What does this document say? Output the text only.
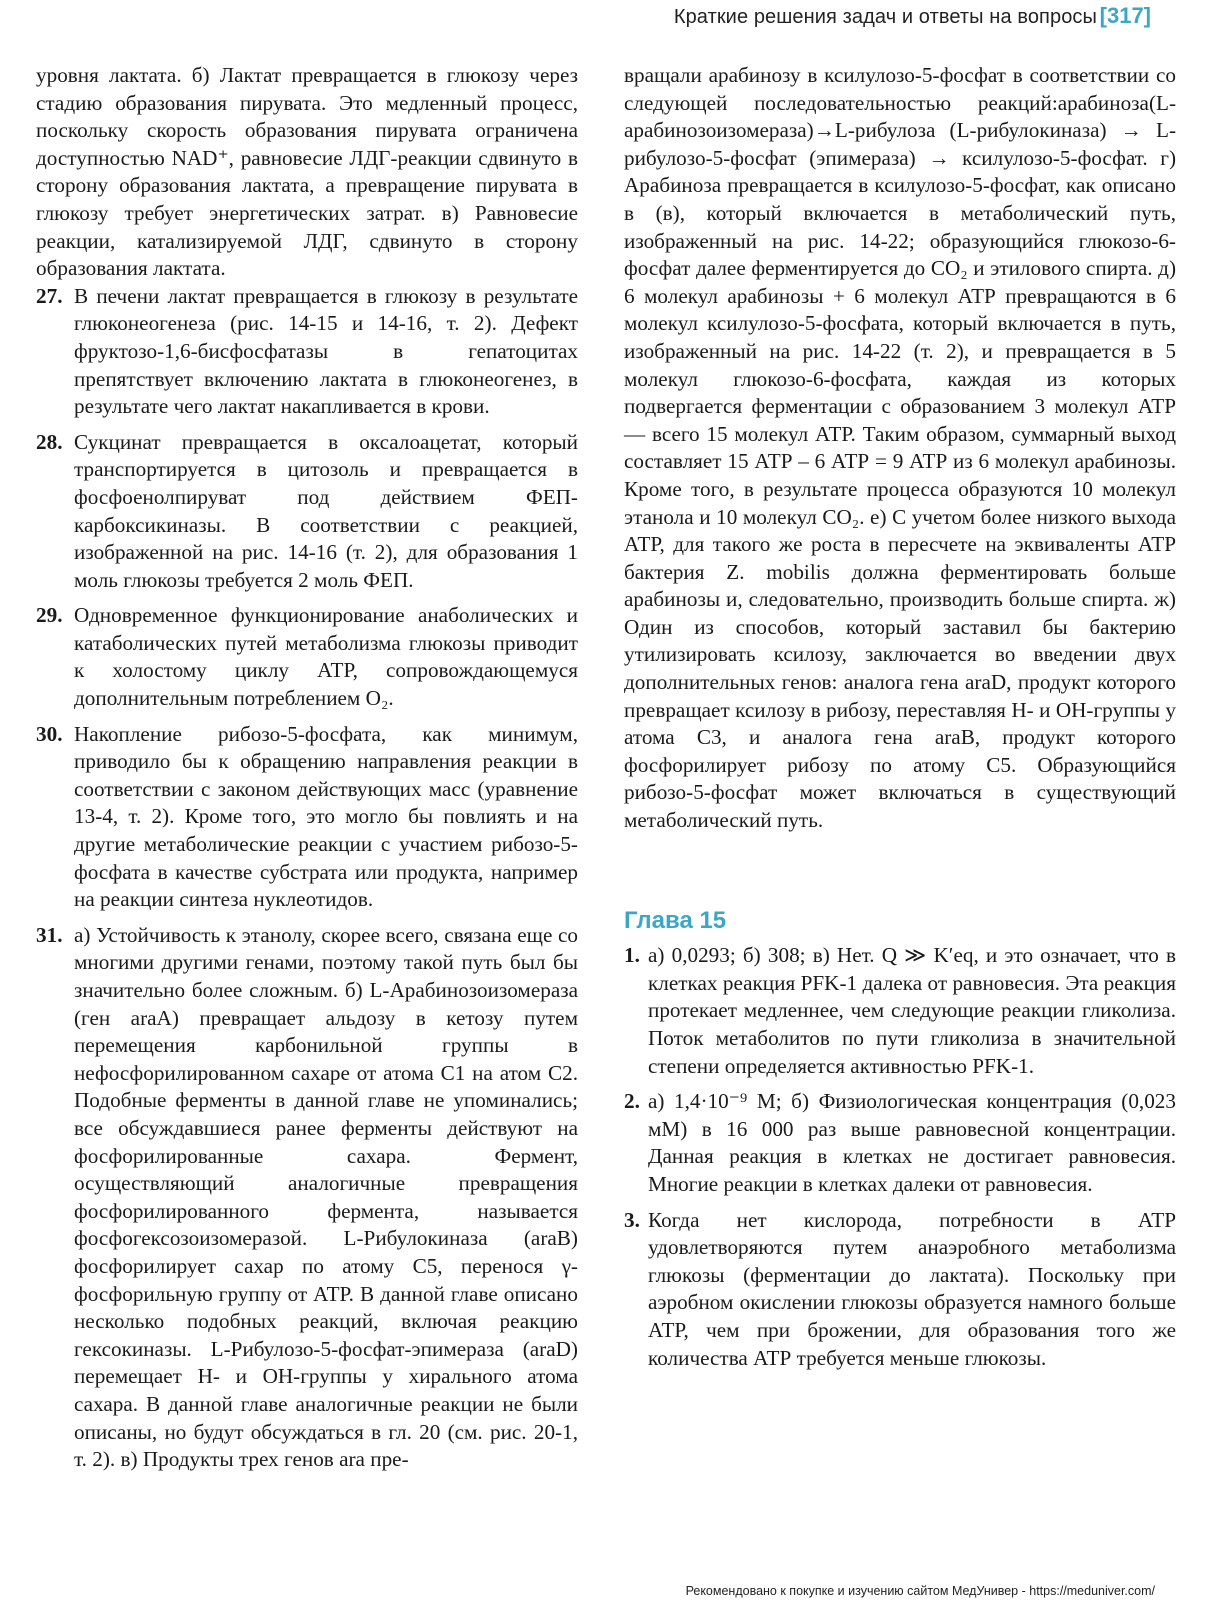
Краткие решения задач и ответы на вопросы [317]

уровня лактата. б) Лактат превращается в глюкозу через стадию образования пирувата. Это медленный процесс, поскольку скорость образования пирувата ограничена доступностью NAD⁺, равновесие ЛДГ-реакции сдвинуто в сторону образования лактата, а превращение пирувата в глюкозу требует энергетических затрат. в) Равновесие реакции, катализируемой ЛДГ, сдвинуто в сторону образования лактата.

27. В печени лактат превращается в глюкозу в результате глюконеогенеза (рис. 14-15 и 14-16, т. 2). Дефект фруктозо-1,6-бисфосфатазы в гепатоцитах препятствует включению лактата в глюконеогенез, в результате чего лактат накапливается в крови.
28. Сукцинат превращается в оксалоацетат, который транспортируется в цитозоль и превращается в фосфоенолпируват под действием ФЕП-карбоксикиназы. В соответствии с реакцией, изображенной на рис. 14-16 (т. 2), для образования 1 моль глюкозы требуется 2 моль ФЕП.
29. Одновременное функционирование анаболических и катаболических путей метаболизма глюкозы приводит к холостому циклу АТР, сопровождающемуся дополнительным потреблением O₂.
30. Накопление рибозо-5-фосфата, как минимум, приводило бы к обращению направления реакции в соответствии с законом действующих масс (уравнение 13-4, т. 2). Кроме того, это могло бы повлиять и на другие метаболические реакции с участием рибозо-5-фосфата в качестве субстрата или продукта, например на реакции синтеза нуклеотидов.
31. а) Устойчивость к этанолу, скорее всего, связана еще со многими другими генами, поэтому такой путь был бы значительно более сложным. б) L-Арабинозоизомераза (ген araA) превращает альдозу в кетозу путем перемещения карбонильной группы в нефосфорилированном сахаре от атома С1 на атом С2. Подобные ферменты в данной главе не упоминались; все обсуждавшиеся ранее ферменты действуют на фосфорилированные сахара. Фермент, осуществляющий аналогичные превращения фосфорилированного фермента, называется фосфогексозоизомеразой. L-Рибулокиназа (araB) фосфорилирует сахар по атому С5, перенося γ-фосфорильную группу от АТР. В данной главе описано несколько подобных реакций, включая реакцию гексокиназы. L-Рибулозо-5-фосфат-эпимераза (araD) перемещает Н- и ОН-группы у хирального атома сахара. В данной главе аналогичные реакции не были описаны, но будут обсуждаться в гл. 20 (см. рис. 20-1, т. 2). в) Продукты трех генов ara пре-

вращали арабинозу в ксилулозо-5-фосфат в соответствии со следующей последовательностью реакций:арабиноза(L-арабинозоизомераза)→L-рибулоза (L-рибулокиназа) → L-рибулозо-5-фосфат (эпимераза) → ксилулозо-5-фосфат. г) Арабиноза превращается в ксилулозо-5-фосфат, как описано в (в), который включается в метаболический путь, изображенный на рис. 14-22; образующийся глюкозо-6-фосфат далее ферментируется до CO₂ и этилового спирта. д) 6 молекул арабинозы + 6 молекул АТР превращаются в 6 молекул ксилулозо-5-фосфата, который включается в путь, изображенный на рис. 14-22 (т. 2), и превращается в 5 молекул глюкозо-6-фосфата, каждая из которых подвергается ферментации с образованием 3 молекул АТР — всего 15 молекул АТР. Таким образом, суммарный выход составляет 15 АТР – 6 АТР = 9 АТР из 6 молекул арабинозы. Кроме того, в результате процесса образуются 10 молекул этанола и 10 молекул CO₂. е) С учетом более низкого выхода АТР, для такого же роста в пересчете на эквиваленты АТР бактерия Z. mobilis должна ферментировать больше арабинозы и, следовательно, производить больше спирта. ж) Один из способов, который заставил бы бактерию утилизировать ксилозу, заключается во введении двух дополнительных генов: аналога гена araD, продукт которого превращает ксилозу в рибозу, переставляя Н- и ОН-группы у атома С3, и аналога гена araB, продукт которого фосфорилирует рибозу по атому С5. Образующийся рибозо-5-фосфат может включаться в существующий метаболический путь.

Глава 15
1. а) 0,0293; б) 308; в) Нет. Q ≫ K′eq, и это означает, что в клетках реакция PFK-1 далека от равновесия. Эта реакция протекает медленнее, чем следующие реакции гликолиза. Поток метаболитов по пути гликолиза в значительной степени определяется активностью PFK-1.
2. а) 1,4·10⁻⁹ М; б) Физиологическая концентрация (0,023 мМ) в 16 000 раз выше равновесной концентрации. Данная реакция в клетках не достигает равновесия. Многие реакции в клетках далеки от равновесия.
3. Когда нет кислорода, потребности в АТР удовлетворяются путем анаэробного метаболизма глюкозы (ферментации до лактата). Поскольку при аэробном окислении глюкозы образуется намного больше АТР, чем при брожении, для образования того же количества АТР требуется меньше глюкозы.
Рекомендовано к покупке и изучению сайтом МедУнивер - https://meduniver.com/
